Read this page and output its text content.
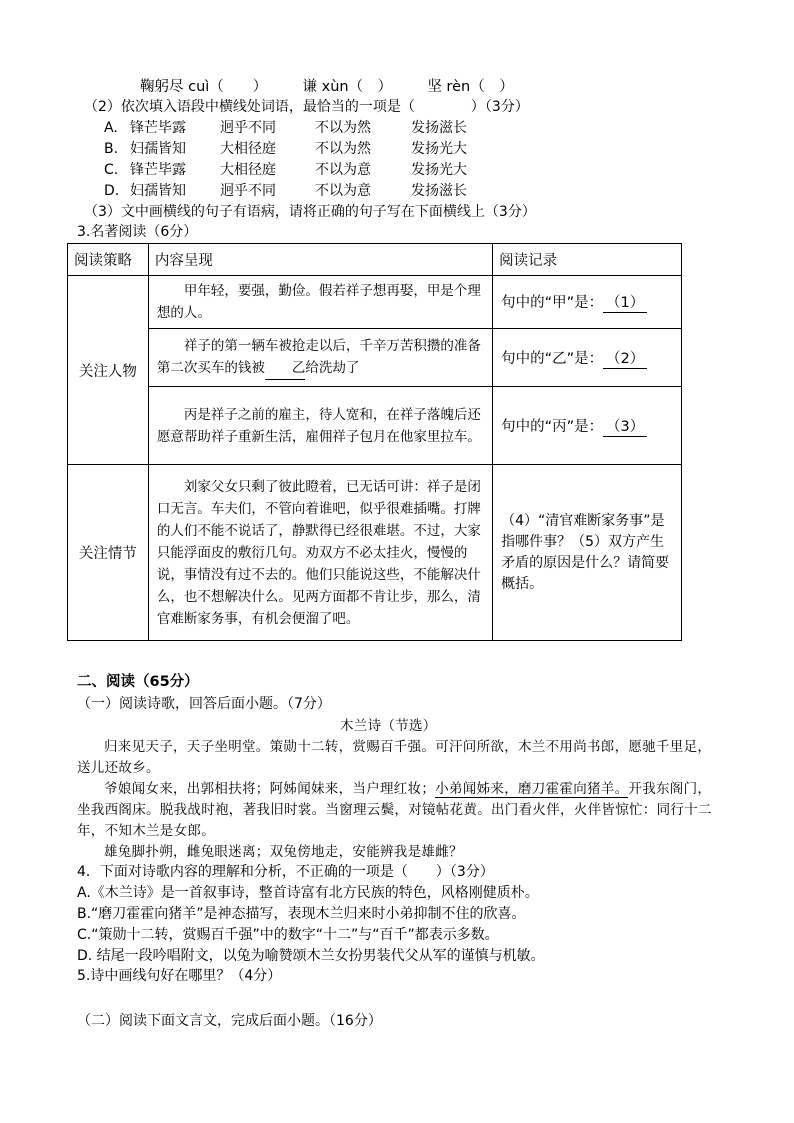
鞠躬尽 cuì（　　） 谦 xùn（　） 坚 rèn（　）
（2）依次填入语段中横线处词语，最恰当的一项是（　　　　）（3分）
A. 锋芒毕露 迥乎不同	不以为然	发扬滋长
B. 妇孺皆知 大相径庭	不以为然	发扬光大
C. 锋芒毕露 大相径庭	不以为意	发扬光大
D. 妇孺皆知 迥乎不同	不以为意	发扬滋长
（3）文中画横线的句子有语病，请将正确的句子写在下面横线上（3分）
3.名著阅读（6分）
阅读策略	内容呈现	阅读记录
关注人物	甲年轻，要强，勤俭。假若祥子想再娶，甲是个理想的人。	句中的“甲”是： （1）
	祥子的第一辆车被抢走以后，千辛万苦积攒的准备第二次买车的钱被 乙给洗劫了	句中的“乙”是： （2）
	丙是祥子之前的雇主，待人宽和，在祥子落魄后还愿意帮助祥子重新生活，雇佣祥子包月在他家里拉车。	句中的“丙”是： （3）
关注情节	刘家父女只剩了彼此瞪着，已无话可讲：祥子是闭口无言。车夫们，不管向着谁吧，似乎很难插嘴。打牌的人们不能不说话了，静默得已经很难堪。不过，大家只能浮面皮的敷衍几句。劝双方不必太挂火，慢慢的说，事情没有过不去的。他们只能说这些，不能解决什么，也不想解决什么。见两方面都不肯让步，那么，清官难断家务事，有机会便溜了吧。	（4）“清官难断家务事”是指哪件事？（5）双方产生矛盾的原因是什么？请简要概括。
二、阅读（65分）
（一）阅读诗歌，回答后面小题。（7分）
木兰诗（节选）
归来见天子，天子坐明堂。策勋十二转，赏赐百千强。可汗问所欲，木兰不用尚书郎，愿驰千里足，送儿还故乡。
爷娘闻女来，出郭相扶将；阿姊闻妹来，当户理红妆；小弟闻姊来，磨刀霍霍向猪羊。开我东阁门，坐我西阁床。脱我战时袍，著我旧时裳。当窗理云鬓，对镜帖花黄。出门看火伴，火伴皆惊忙：同行十二年，不知木兰是女郎。
雄兔脚扑朔，雌兔眼迷离；双兔傍地走，安能辨我是雄雌？
4．下面对诗歌内容的理解和分析，不正确的一项是（　　）（3分）
A.《木兰诗》是一首叙事诗，整首诗富有北方民族的特色，风格刚健质朴。
B.“磨刀霍霍向猪羊”是神态描写，表现木兰归来时小弟抑制不住的欣喜。
C.“策勋十二转，赏赐百千强”中的数字“十二”与“百千”都表示多数。
D. 结尾一段吟唱附文，以兔为喻赞颂木兰女扮男装代父从军的谨慎与机敏。
5.诗中画线句好在哪里？（4分）
（二）阅读下面文言文，完成后面小题。（16分）
